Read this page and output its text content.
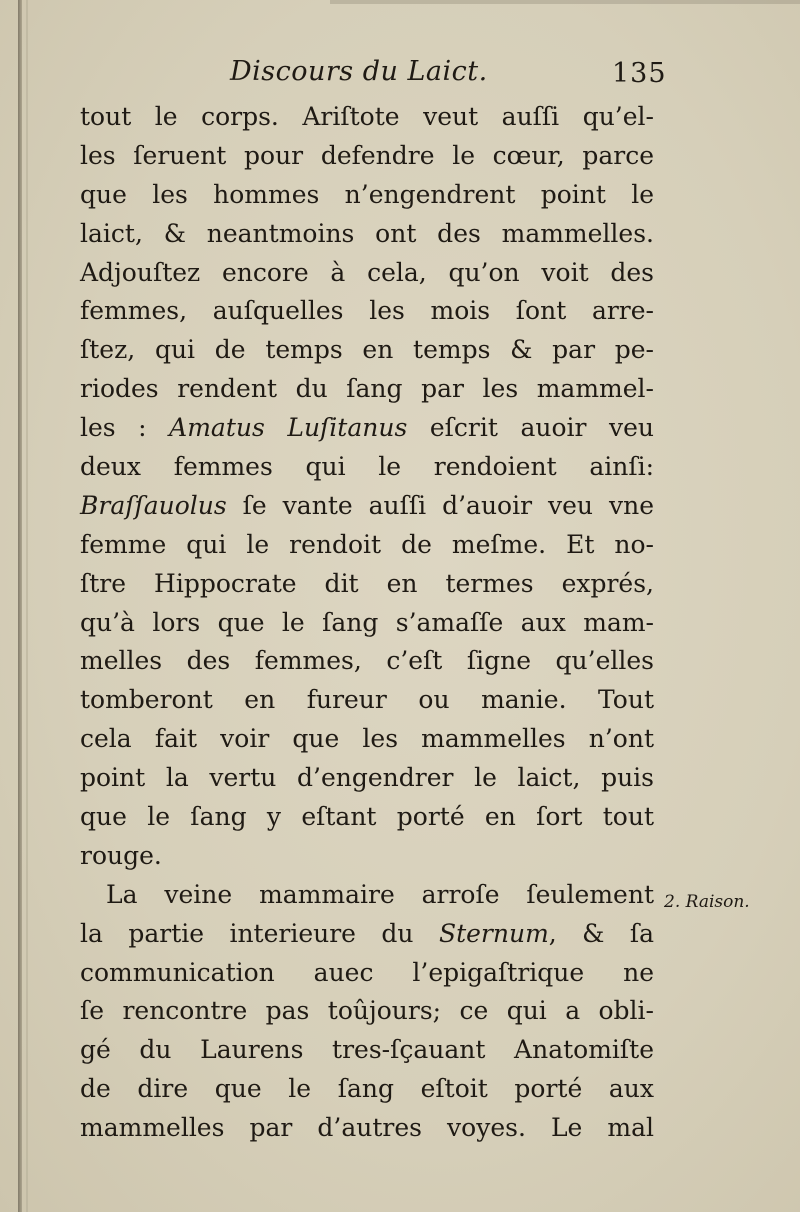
Discours du Laict.	135
tout le corps. Ariſtote veut auſſi qu’el-
les ſeruent pour defendre le cœur, parce
que les hommes n’engendrent point le
laict, & neantmoins ont des mammelles.
Adjouſtez encore à cela, qu’on voit des
femmes, auſquelles les mois ſont arre-
ſtez, qui de temps en temps & par pe-
riodes rendent du ſang par les mammel-
les : Amatus Luſitanus eſcrit auoir veu
deux femmes qui le rendoient ainſi:
Braſſauolus ſe vante auſſi d’auoir veu vne
femme qui le rendoit de meſme. Et no-
ſtre Hippocrate dit en termes exprés,
qu’à lors que le ſang s’amaſſe aux mam-
melles des femmes, c’eſt ſigne qu’elles
tomberont en fureur ou manie. Tout
cela fait voir que les mammelles n’ont
point la vertu d’engendrer le laict, puis
que le ſang y eſtant porté en ſort tout
rouge.
La veine mammaire arroſe ſeulement
la partie interieure du Sternum, & ſa
communication auec l’epigaſtrique ne
ſe rencontre pas toûjours; ce qui a obli-
gé du Laurens tres-ſçauant Anatomiſte
de dire que le ſang eſtoit porté aux
mammelles par d’autres voyes. Le mal
2. Raison.
